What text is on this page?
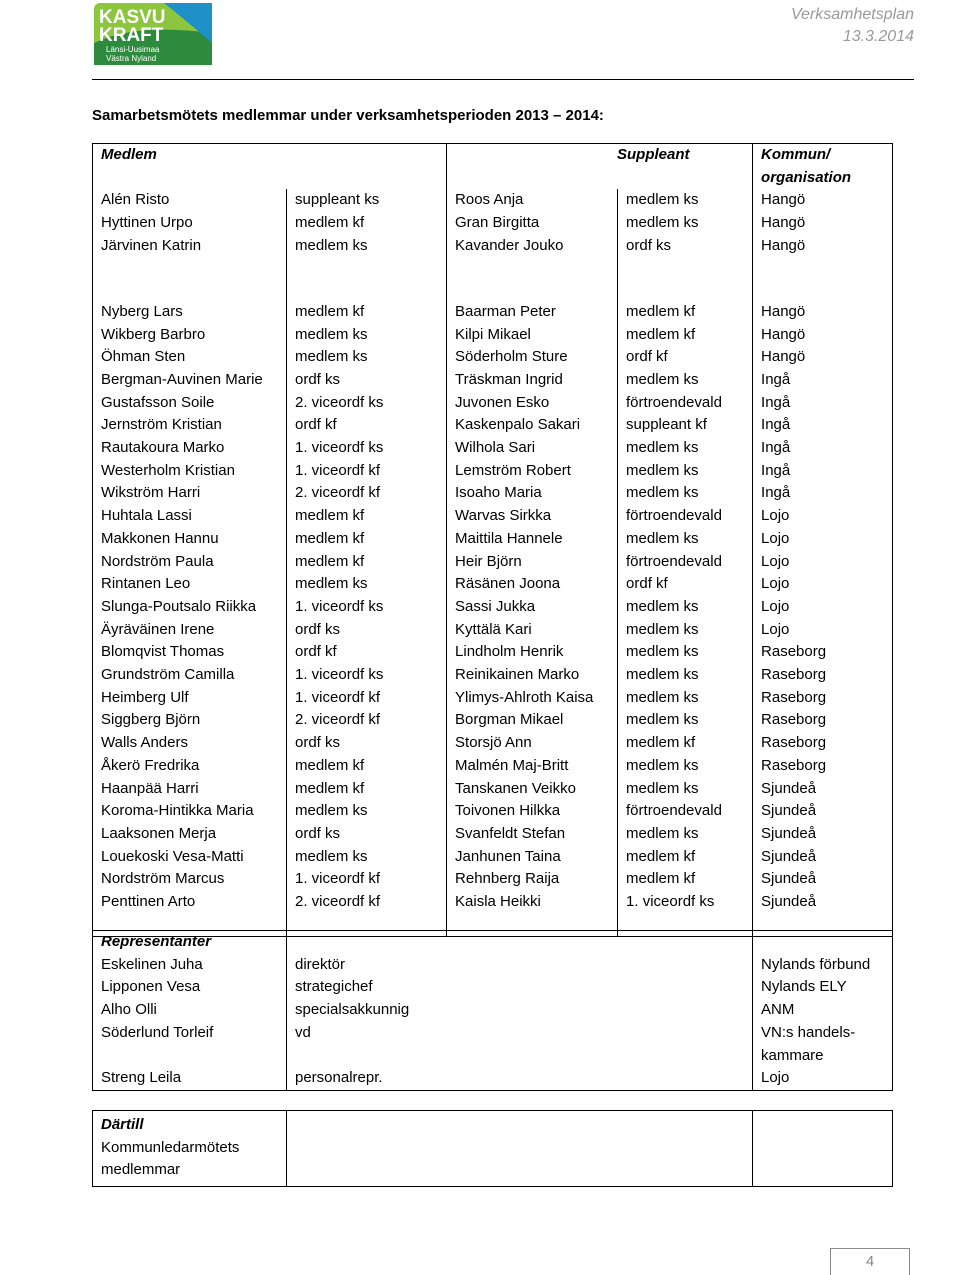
KASVU
KRAFT
Länsi-Uusimaa
Västra Nyland
Verksamhetsplan
13.3.2014
Samarbetsmötets medlemmar under verksamhetsperioden 2013 – 2014:
Medlem		Suppleant		Kommun/ organisation
Alén Risto	suppleant ks	Roos Anja	medlem ks	Hangö
Hyttinen Urpo	medlem kf	Gran Birgitta	medlem ks	Hangö
Järvinen Katrin	medlem ks	Kavander Jouko	ordf ks	Hangö
Nyberg Lars	medlem kf	Baarman Peter	medlem kf	Hangö
Wikberg Barbro	medlem ks	Kilpi Mikael	medlem kf	Hangö
Öhman Sten	medlem ks	Söderholm Sture	ordf kf	Hangö
Bergman-Auvinen Marie	ordf ks	Träskman Ingrid	medlem ks	Ingå
Gustafsson Soile	2. viceordf ks	Juvonen Esko	förtroendevald	Ingå
Jernström Kristian	ordf kf	Kaskenpalo Sakari	suppleant kf	Ingå
Rautakoura Marko	1. viceordf ks	Wilhola Sari	medlem ks	Ingå
Westerholm Kristian	1. viceordf kf	Lemström Robert	medlem ks	Ingå
Wikström Harri	2. viceordf kf	Isoaho Maria	medlem ks	Ingå
Huhtala Lassi	medlem kf	Warvas Sirkka	förtroendevald	Lojo
Makkonen Hannu	medlem kf	Maittila Hannele	medlem ks	Lojo
Nordström Paula	medlem kf	Heir Björn	förtroendevald	Lojo
Rintanen Leo	medlem ks	Räsänen Joona	ordf kf	Lojo
Slunga-Poutsalo Riikka	1. viceordf ks	Sassi Jukka	medlem ks	Lojo
Äyräväinen Irene	ordf ks	Kyttälä Kari	medlem ks	Lojo
Blomqvist Thomas	ordf kf	Lindholm Henrik	medlem ks	Raseborg
Grundström Camilla	1. viceordf ks	Reinikainen Marko	medlem ks	Raseborg
Heimberg Ulf	1. viceordf kf	Ylimys-Ahlroth Kaisa	medlem ks	Raseborg
Siggberg Björn	2. viceordf kf	Borgman Mikael	medlem ks	Raseborg
Walls Anders	ordf ks	Storsjö Ann	medlem kf	Raseborg
Åkerö Fredrika	medlem kf	Malmén Maj-Britt	medlem ks	Raseborg
Haanpää Harri	medlem kf	Tanskanen Veikko	medlem ks	Sjundeå
Koroma-Hintikka Maria	medlem ks	Toivonen Hilkka	förtroendevald	Sjundeå
Laaksonen Merja	ordf ks	Svanfeldt Stefan	medlem ks	Sjundeå
Louekoski Vesa-Matti	medlem ks	Janhunen Taina	medlem kf	Sjundeå
Nordström Marcus	1. viceordf kf	Rehnberg Raija	medlem kf	Sjundeå
Penttinen Arto	2. viceordf kf	Kaisla Heikki	1. viceordf ks	Sjundeå

Representanter		
Eskelinen Juha	direktör	Nylands förbund
Lipponen Vesa	strategichef	Nylands ELY
Alho Olli	specialsakkunnig	ANM
Söderlund Torleif	vd	VN:s handels-kammare
Streng Leila	personalrepr.	Lojo
Därtill
Kommunledarmötets medlemmar

4
